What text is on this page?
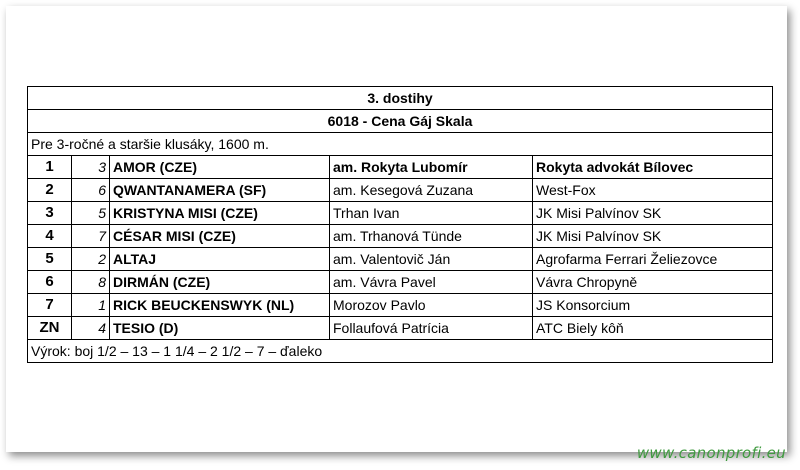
3. dostihy				
6018 - Cena Gáj Skala				
Pre 3-ročné a staršie klusáky, 1600 m.				
1	3	AMOR (CZE)	am. Rokyta Lubomír	Rokyta advokát Bílovec
2	6	QWANTANAMERA (SF)	am. Kesegová Zuzana	West-Fox
3	5	KRISTYNA MISI (CZE)	Trhan Ivan	JK Misi Palvínov SK
4	7	CÉSAR MISI (CZE)	am. Trhanová Tünde	JK Misi Palvínov SK
5	2	ALTAJ	am. Valentovič Ján	Agrofarma Ferrari Želiezovce
6	8	DIRMÁN (CZE)	am. Vávra Pavel	Vávra Chropyně
7	1	RICK BEUCKENSWYK (NL)	Morozov Pavlo	JS Konsorcium
ZN	4	TESIO (D)	Follaufová Patrícia	ATC Biely kôň
Výrok: boj 1/2 – 13 – 1 1/4 – 2 1/2 – 7 – ďaleko				
www.canonprofi.eu
